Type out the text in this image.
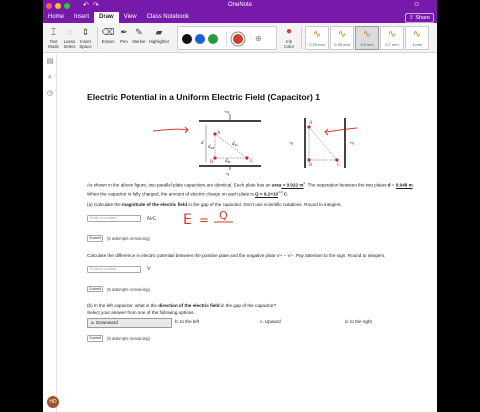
↶ ↷	OneNote	☺
Home	Insert	Draw	View	Class Notebook	⇪ Share
⌶
Text
Mode
◌
Lasso
Select
⇕
Insert
Space
⌫
Eraser
✒
Pen
✎
Marker
▰
Highlighter	⊕
●
Ink
Color
∿
0.25 mm
∿
0.35 mm
∿
0.5 mm
∿
0.7 mm
∿
1 mm
▤
⌕
◷
HD
Electric Potential in a Uniform Electric Field (Capacitor) 1
+q
-q
A
B	C
d
$d_{AB}$
$d_{AC}$
$d_{BC}$
A
B	C
-q	+q

As shown in the above figure, two parallel plate capacitors are identical. Each plate has an area = 0.022 $m^2$. The separation between the two plates d = 0.048 m. When the capacitor is fully charged, the amount of electric charge on each plate is $Q = 9.2\times 10^{-10}$ C.

(a) Calculate the magnitude of the electric field in the gap of the capacitor. Don't use scientific notations. Round to integers.

Enter a number	N/C E = Q
Submit (5 attempts remaining)

Calculate the difference in electric potential between the positive plate and the negative plate V+ − V−. Pay attention to the sign. Round to integers.

Enter a number	V
Submit (5 attempts remaining)

(b) In the left capacitor, what is the direction of the electric field in the gap of the capacitor?
Select your answer from one of the following options.

a. Downward	b. to the left	c. Upward	d. to the right
Submit (5 attempts remaining)
